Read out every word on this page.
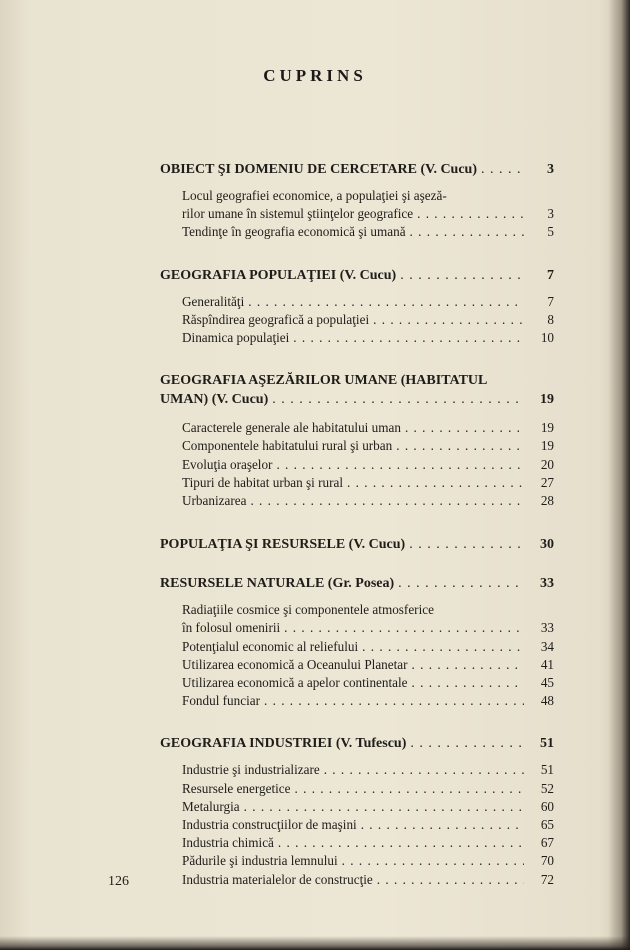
CUPRINS
OBIECT ŞI DOMENIU DE CERCETARE (V. Cucu) . . .	3
Locul geografiei economice, a populaţiei şi aşeză-
rilor umane în sistemul ştiinţelor geografice . . .	3
Tendinţe în geografia economică şi umană . . .	5
GEOGRAFIA POPULAŢIEI (V. Cucu) . . .	7
Generalităţi . . .	7
Răspîndirea geografică a populaţiei . . .	8
Dinamica populaţiei . . .	10
GEOGRAFIA AŞEZĂRILOR UMANE (HABITATUL
UMAN) (V. Cucu) . . .	19
Caracterele generale ale habitatului uman . . .	19
Componentele habitatului rural şi urban . . .	19
Evoluţia oraşelor . . .	20
Tipuri de habitat urban şi rural . . .	27
Urbanizarea . . .	28
POPULAŢIA ŞI RESURSELE (V. Cucu) . . .	30
RESURSELE NATURALE (Gr. Posea) . . .	33
Radiaţiile cosmice şi componentele atmosferice
în folosul omenirii . . .	33
Potenţialul economic al reliefului . . .	34
Utilizarea economică a Oceanului Planetar . . .	41
Utilizarea economică a apelor continentale . . .	45
Fondul funciar . . .	48
GEOGRAFIA INDUSTRIEI (V. Tufescu) . . .	51
Industrie şi industrializare . . .	51
Resursele energetice . . .	52
Metalurgia . . .	60
Industria construcţiilor de maşini . . .	65
Industria chimică . . .	67
Pădurile şi industria lemnului . . .	70
Industria materialelor de construcţie . . .	72
126
